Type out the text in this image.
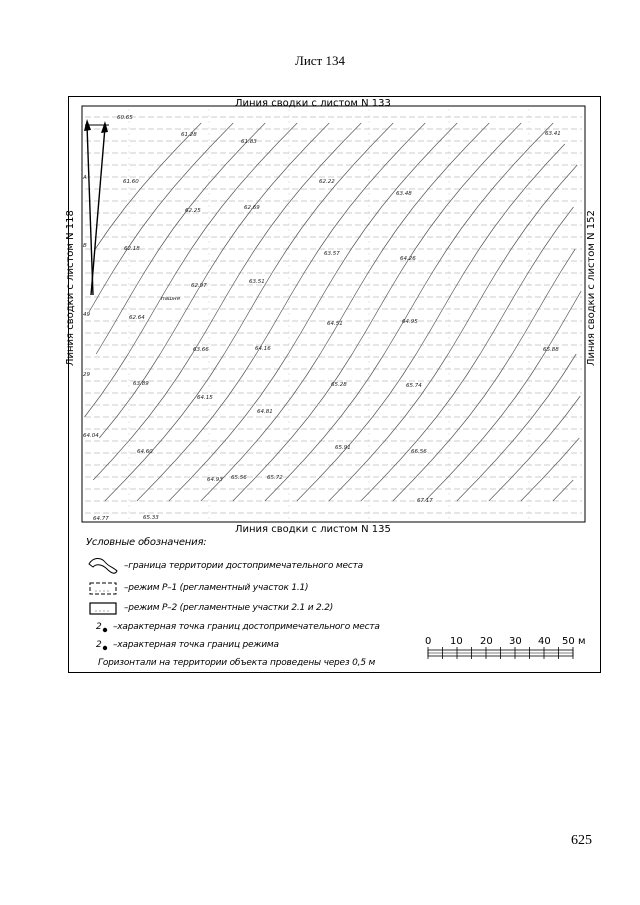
Лист 134
60.65
61.28
61.83
63.41
61.60	62.22
63.48
62.25	62.69
62.18
63.57
64.26
62.97
63.51
62.64
64.51	64.95
63.66	64.16	65.88
63.89	65.28	65.74
64.15
64.81
64.04
64.60
65.91
66.56
64.93 65.56	65.72
67.17
64.77	65.33
49
29
A
B
пашня
Линия сводки с листом N 133
Линия сводки с листом N 135
Линия сводки с листом N 118	Линия сводки с листом N 152
Условные обозначения:
–граница территории достопримечательного места
–режим Р–1 (регламентный участок 1.1)
–режим Р–2 (регламентные участки 2.1 и 2.2)
2 –характерная точка границ достопримечательного места
2 –характерная точка границ режима
Горизонтали на территории объекта проведены через 0,5 м
0 10 20 30 40 50 м
625
